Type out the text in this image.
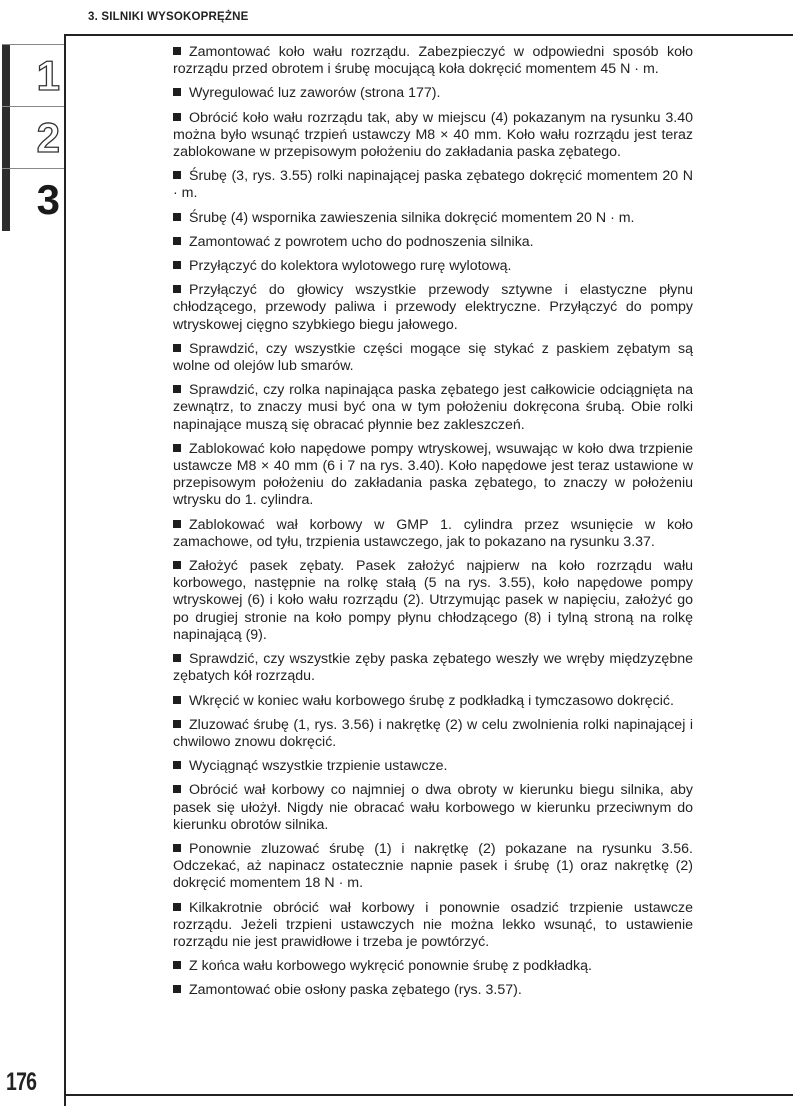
3. SILNIKI WYSOKOPRĘŻNE
1
2
3
176

Zamontować koło wału rozrządu. Zabezpieczyć w odpowiedni sposób koło rozrządu przed obrotem i śrubę mocującą koła dokręcić momentem 45 N · m.

Wyregulować luz zaworów (strona 177).

Obrócić koło wału rozrządu tak, aby w miejscu (4) pokazanym na rysunku 3.40 można było wsunąć trzpień ustawczy M8 × 40 mm. Koło wału rozrządu jest teraz zablokowane w przepisowym położeniu do zakładania paska zębatego.

Śrubę (3, rys. 3.55) rolki napinającej paska zębatego dokręcić momentem 20 N · m.

Śrubę (4) wspornika zawieszenia silnika dokręcić momentem 20 N · m.

Zamontować z powrotem ucho do podnoszenia silnika.

Przyłączyć do kolektora wylotowego rurę wylotową.

Przyłączyć do głowicy wszystkie przewody sztywne i elastyczne płynu chłodzącego, przewody paliwa i przewody elektryczne. Przyłączyć do pompy wtryskowej cięgno szybkiego biegu jałowego.

Sprawdzić, czy wszystkie części mogące się stykać z paskiem zębatym są wolne od olejów lub smarów.

Sprawdzić, czy rolka napinająca paska zębatego jest całkowicie odciągnięta na zewnątrz, to znaczy musi być ona w tym położeniu dokręcona śrubą. Obie rolki napinające muszą się obracać płynnie bez zakleszczeń.

Zablokować koło napędowe pompy wtryskowej, wsuwając w koło dwa trzpienie ustawcze M8 × 40 mm (6 i 7 na rys. 3.40). Koło napędowe jest teraz ustawione w przepisowym położeniu do zakładania paska zębatego, to znaczy w położeniu wtrysku do 1. cylindra.

Zablokować wał korbowy w GMP 1. cylindra przez wsunięcie w koło zamachowe, od tyłu, trzpienia ustawczego, jak to pokazano na rysunku 3.37.

Założyć pasek zębaty. Pasek założyć najpierw na koło rozrządu wału korbowego, następnie na rolkę stałą (5 na rys. 3.55), koło napędowe pompy wtryskowej (6) i koło wału rozrządu (2). Utrzymując pasek w napięciu, założyć go po drugiej stronie na koło pompy płynu chłodzącego (8) i tylną stroną na rolkę napinającą (9).

Sprawdzić, czy wszystkie zęby paska zębatego weszły we wręby międzyzębne zębatych kół rozrządu.

Wkręcić w koniec wału korbowego śrubę z podkładką i tymczasowo dokręcić.

Zluzować śrubę (1, rys. 3.56) i nakrętkę (2) w celu zwolnienia rolki napinającej i chwilowo znowu dokręcić.

Wyciągnąć wszystkie trzpienie ustawcze.

Obrócić wał korbowy co najmniej o dwa obroty w kierunku biegu silnika, aby pasek się ułożył. Nigdy nie obracać wału korbowego w kierunku przeciwnym do kierunku obrotów silnika.

Ponownie zluzować śrubę (1) i nakrętkę (2) pokazane na rysunku 3.56. Odczekać, aż napinacz ostatecznie napnie pasek i śrubę (1) oraz nakrętkę (2) dokręcić momentem 18 N · m.

Kilkakrotnie obrócić wał korbowy i ponownie osadzić trzpienie ustawcze rozrządu. Jeżeli trzpieni ustawczych nie można lekko wsunąć, to ustawienie rozrządu nie jest prawidłowe i trzeba je powtórzyć.

Z końca wału korbowego wykręcić ponownie śrubę z podkładką.

Zamontować obie osłony paska zębatego (rys. 3.57).
